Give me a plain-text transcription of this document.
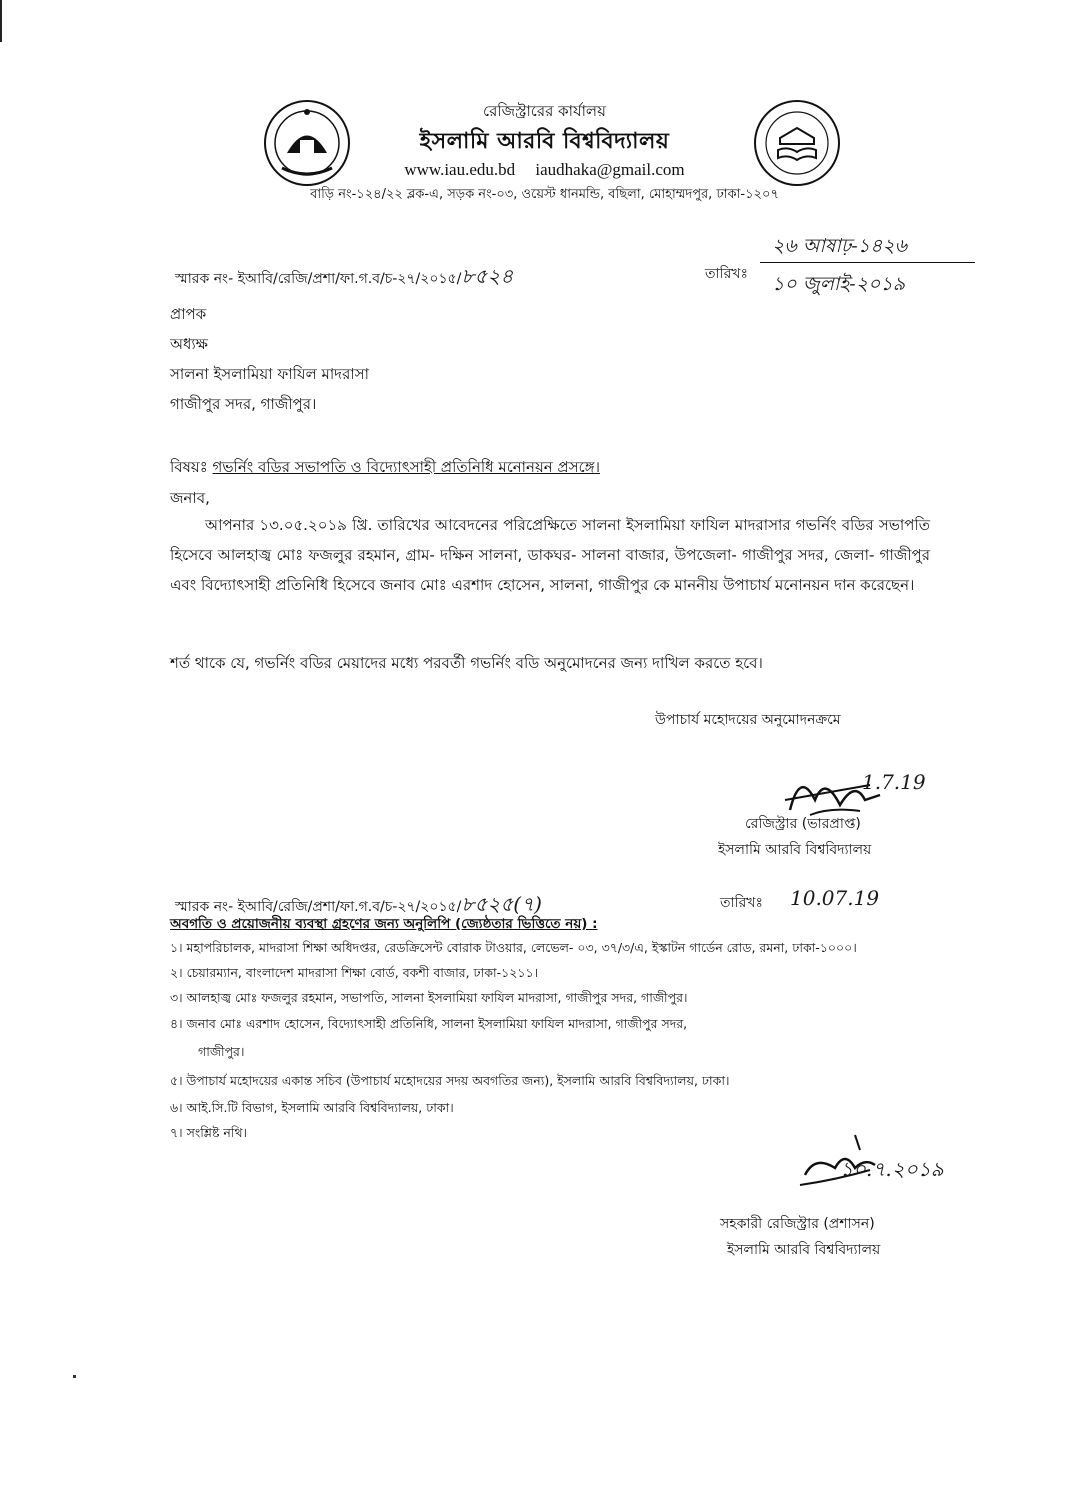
রেজিস্ট্রারের কার্যালয়
ইসলামি আরবি বিশ্ববিদ্যালয়
www.iau.edu.bd iaudhaka@gmail.com
বাড়ি নং-১২৪/২২ ব্লক-এ, সড়ক নং-০৩, ওয়েস্ট ধানমন্ডি, বছিলা, মোহাম্মদপুর, ঢাকা-১২০৭
স্মারক নং- ইআবি/রেজি/প্রশা/ফা.গ.ব/চ-২৭/২০১৫/৮৫২৪
২৬ আষাঢ়-১৪২৬
তারিখঃ ১০ জুলাই-২০১৯
প্রাপক
অধ্যক্ষ
সালনা ইসলামিয়া ফাযিল মাদরাসা
গাজীপুর সদর, গাজীপুর।
বিষয়ঃ গভর্নিং বডির সভাপতি ও বিদ্যোৎসাহী প্রতিনিধি মনোনয়ন প্রসঙ্গে।
জনাব,
আপনার ১৩.০৫.২০১৯ খ্রি. তারিখের আবেদনের পরিপ্রেক্ষিতে সালনা ইসলামিয়া ফাযিল মাদরাসার গভর্নিং বডির সভাপতি হিসেবে আলহাজ্ব মোঃ ফজলুর রহমান, গ্রাম- দক্ষিন সালনা, ডাকঘর- সালনা বাজার, উপজেলা- গাজীপুর সদর, জেলা- গাজীপুর এবং বিদ্যোৎসাহী প্রতিনিধি হিসেবে জনাব মোঃ এরশাদ হোসেন, সালনা, গাজীপুর কে মাননীয় উপাচার্য মনোনয়ন দান করেছেন।
শর্ত থাকে যে, গভর্নিং বডির মেয়াদের মধ্যে পরবর্তী গভর্নিং বডি অনুমোদনের জন্য দাখিল করতে হবে।
উপাচার্য মহোদয়ের অনুমোদনক্রমে
1.7.19
রেজিস্ট্রার (ভারপ্রাপ্ত)
ইসলামি আরবি বিশ্ববিদ্যালয়
স্মারক নং- ইআবি/রেজি/প্রশা/ফা.গ.ব/চ-২৭/২০১৫/৮৫২৫(৭)	তারিখঃ 10.07.19
অবগতি ও প্রয়োজনীয় ব্যবস্থা গ্রহণের জন্য অনুলিপি (জ্যেষ্ঠতার ভিত্তিতে নয়) :
১। মহাপরিচালক, মাদরাসা শিক্ষা অধিদপ্তর, রেডক্রিসেন্ট বোরাক টাওয়ার, লেভেল- ০৩, ৩৭/৩/এ, ইস্কাটন গার্ডেন রোড, রমনা, ঢাকা-১০০০।
২। চেয়ারম্যান, বাংলাদেশ মাদরাসা শিক্ষা বোর্ড, বকশী বাজার, ঢাকা-১২১১।
৩। আলহাজ্ব মোঃ ফজলুর রহমান, সভাপতি, সালনা ইসলামিয়া ফাযিল মাদরাসা, গাজীপুর সদর, গাজীপুর।
৪। জনাব মোঃ এরশাদ হোসেন, বিদ্যোৎসাহী প্রতিনিধি, সালনা ইসলামিয়া ফাযিল মাদরাসা, গাজীপুর সদর,
গাজীপুর।
৫। উপাচার্য মহোদয়ের একান্ত সচিব (উপাচার্য মহোদয়ের সদয় অবগতির জন্য), ইসলামি আরবি বিশ্ববিদ্যালয়, ঢাকা।
৬। আই.সি.টি বিভাগ, ইসলামি আরবি বিশ্ববিদ্যালয়, ঢাকা।
৭। সংশ্লিষ্ট নথি।
১০.৭.২০১৯
সহকারী রেজিস্ট্রার (প্রশাসন)
ইসলামি আরবি বিশ্ববিদ্যালয়
